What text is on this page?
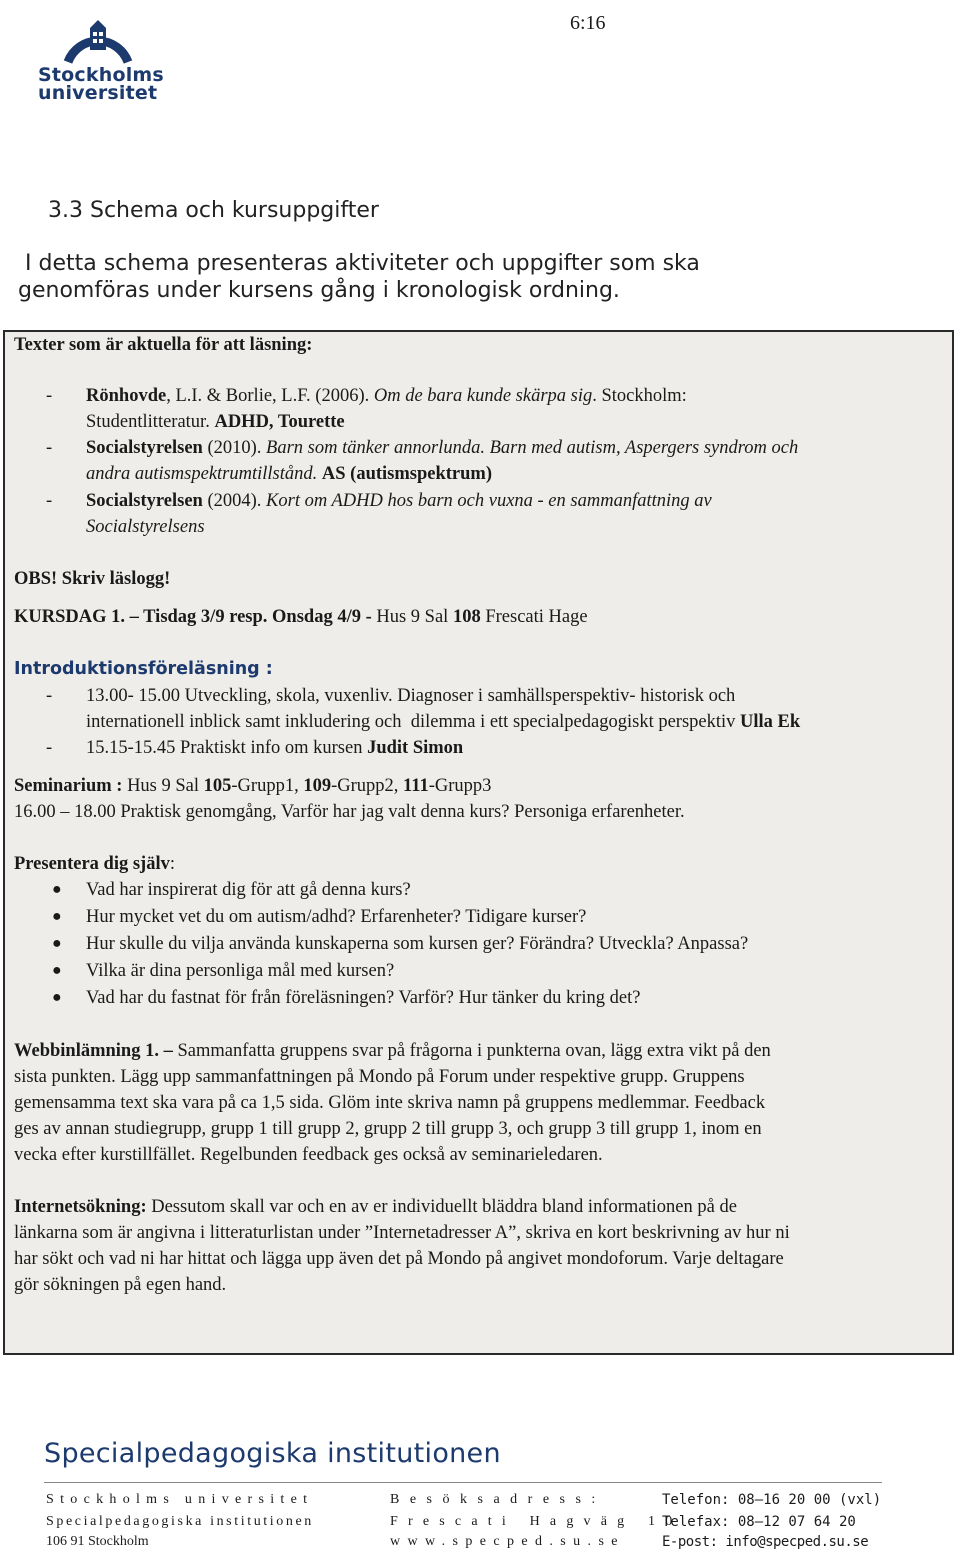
Stockholms
universitet
6:16
3.3 Schema och kursuppgifter
I detta schema presenteras aktiviteter och uppgifter som ska
genomföras under kursens gång i kronologisk ordning.
Texter som är aktuella för att läsning:
- Rönhovde, L.I. & Borlie, L.F. (2006). Om de bara kunde skärpa sig. Stockholm:
Studentlitteratur. ADHD, Tourette
- Socialstyrelsen (2010). Barn som tänker annorlunda. Barn med autism, Aspergers syndrom och
andra autismspektrumtillstånd. AS (autismspektrum)
- Socialstyrelsen (2004). Kort om ADHD hos barn och vuxna - en sammanfattning av
Socialstyrelsens
OBS! Skriv läslogg!
KURSDAG 1. – Tisdag 3/9 resp. Onsdag 4/9 - Hus 9 Sal 108 Frescati Hage
Introduktionsföreläsning :
- 13.00- 15.00 Utveckling, skola, vuxenliv. Diagnoser i samhällsperspektiv- historisk och
internationell inblick samt inkludering och  dilemma i ett specialpedagogiskt perspektiv Ulla Ek
- 15.15-15.45 Praktiskt info om kursen Judit Simon
Seminarium : Hus 9 Sal 105-Grupp1, 109-Grupp2, 111-Grupp3
16.00 – 18.00 Praktisk genomgång, Varför har jag valt denna kurs? Personiga erfarenheter.
Presentera dig själv:
● Vad har inspirerat dig för att gå denna kurs?
● Hur mycket vet du om autism/adhd? Erfarenheter? Tidigare kurser?
● Hur skulle du vilja använda kunskaperna som kursen ger? Förändra? Utveckla? Anpassa?
● Vilka är dina personliga mål med kursen?
● Vad har du fastnat för från föreläsningen? Varför? Hur tänker du kring det?
Webbinlämning 1. – Sammanfatta gruppens svar på frågorna i punkterna ovan, lägg extra vikt på den
sista punkten. Lägg upp sammanfattningen på Mondo på Forum under respektive grupp. Gruppens
gemensamma text ska vara på ca 1,5 sida. Glöm inte skriva namn på gruppens medlemmar. Feedback
ges av annan studiegrupp, grupp 1 till grupp 2, grupp 2 till grupp 3, och grupp 3 till grupp 1, inom en
vecka efter kurstillfället. Regelbunden feedback ges också av seminarieledaren.
Internetsökning: Dessutom skall var och en av er individuellt bläddra bland informationen på de
länkarna som är angivna i litteraturlistan under ”Internetadresser A”, skriva en kort beskrivning av hur ni
har sökt och vad ni har hittat och lägga upp även det på Mondo på angivet mondoforum. Varje deltagare
gör sökningen på egen hand.
Specialpedagogiska institutionen
Stockholms universitet
Specialpedagogiska institutionen
106 91 Stockholm
Besöksadress:
Frescati Hagväg 10
www.specped.su.se
Telefon: 08–16 20 00 (vxl)
Telefax: 08–12 07 64 20
E-post: info@specped.su.se
